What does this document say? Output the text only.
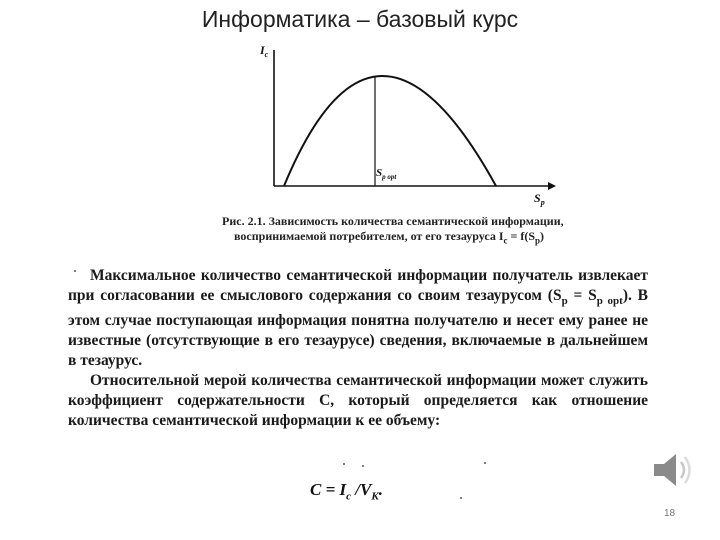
Информатика – базовый курс
$I_c$
$S_p$
$S_{p opt}$
Рис. 2.1. Зависимость количества семантической информации,
воспринимаемой потребителем, от его тезауруса $I_c = f(S_p)$

Максимальное количество семантической информации получатель извлекает при согласовании ее смыслового содержания со своим тезаурусом $(S_p = S_{p opt})$. В этом случае поступающая информация понятна получателю и несет ему ранее не известные (отсутствующие в его тезаурусе) сведения, включаемые в дальнейшем в тезаурус.

Относительной мерой количества семантической информации может служить коэффициент содержательности C, который определяется как отношение количества семантической информации к ее объему:

$C = I_c$ $/V_K$.
18
